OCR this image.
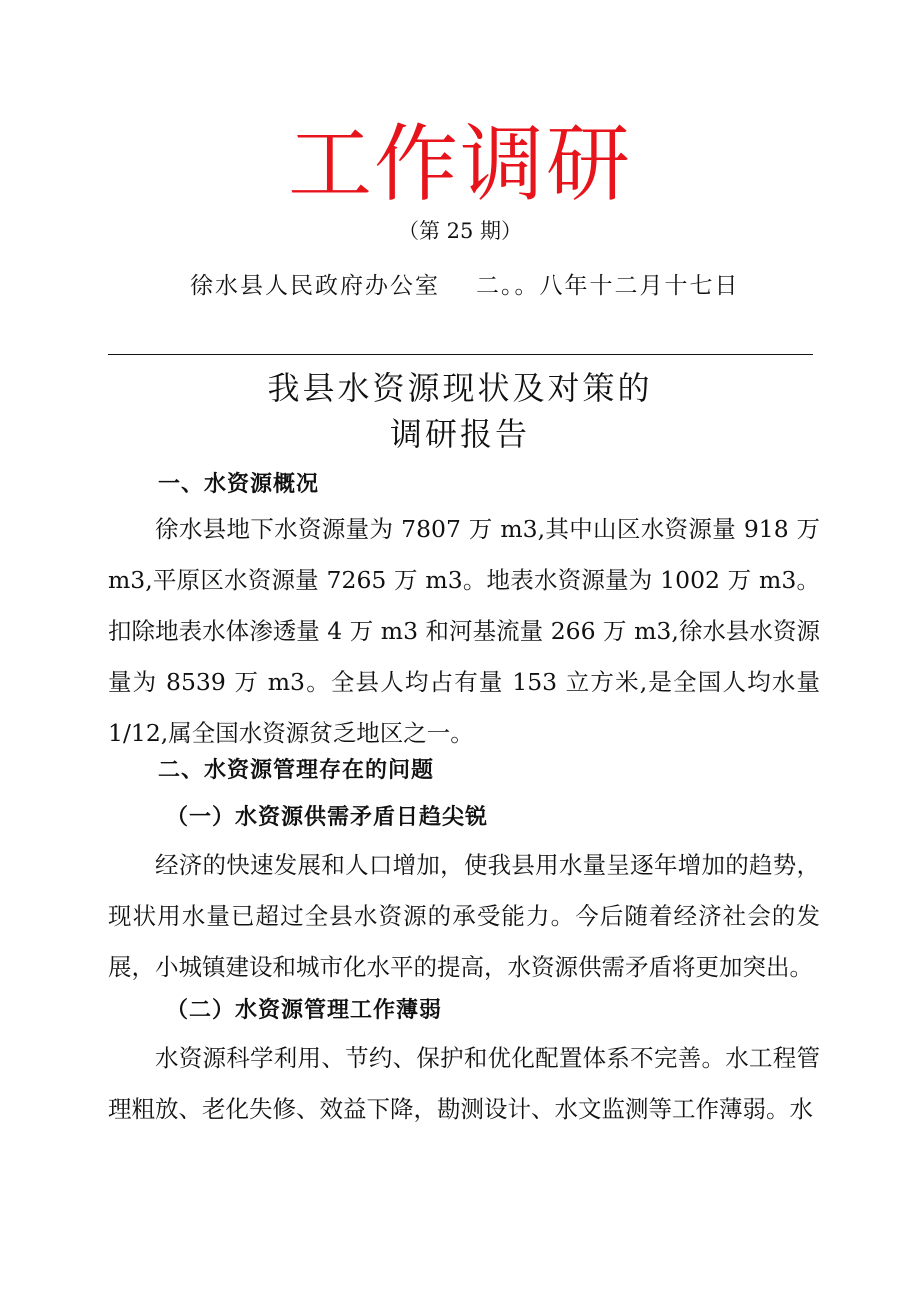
工作调研
（第 25 期）
徐水县人民政府办公室 二。。八年十二月十七日
我县水资源现状及对策的
调研报告
一、水资源概况
徐水县地下水资源量为 7807 万 m3,其中山区水资源量 918 万 m3,平原区水资源量 7265 万 m3。地表水资源量为 1002 万 m3。扣除地表水体渗透量 4 万 m3 和河基流量 266 万 m3,徐水县水资源量为 8539 万 m3。全县人均占有量 153 立方米,是全国人均水量 1/12,属全国水资源贫乏地区之一。
二、水资源管理存在的问题
（一）水资源供需矛盾日趋尖锐
经济的快速发展和人口增加，使我县用水量呈逐年增加的趋势，现状用水量已超过全县水资源的承受能力。今后随着经济社会的发展，小城镇建设和城市化水平的提高，水资源供需矛盾将更加突出。
（二）水资源管理工作薄弱
水资源科学利用、节约、保护和优化配置体系不完善。水工程管理粗放、老化失修、效益下降，勘测设计、水文监测等工作薄弱。水
